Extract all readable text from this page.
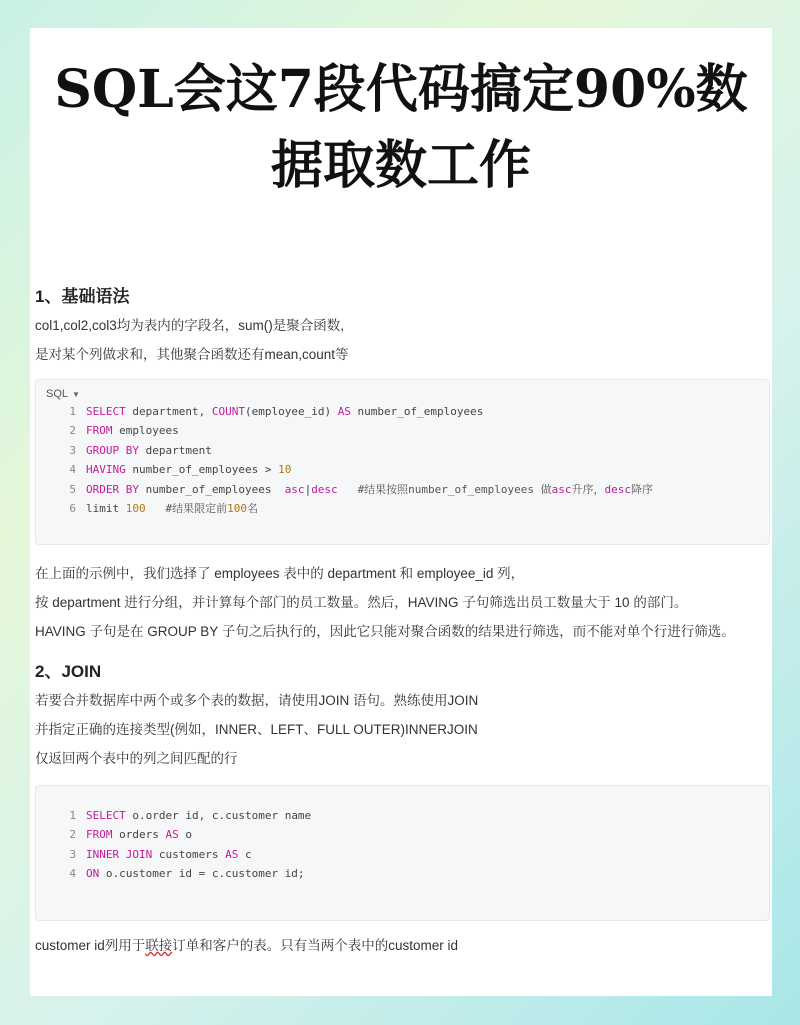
SQL会这7段代码搞定90%数
据取数工作
1、基础语法

col1,col2,col3均为表内的字段名，sum()是聚合函数,

是对某个列做求和，其他聚合函数还有mean,count等

SQL ▼
1 SELECT department, COUNT(employee_id) AS number_of_employees
2 FROM employees
3 GROUP BY department
4 HAVING number_of_employees > 10
5 ORDER BY number_of_employees  asc|desc #结果按照number_of_employees 做asc升序，desc降序
6 limit 100 #结果限定前100名

在上面的示例中，我们选择了 employees 表中的 department 和 employee_id 列，

按 department 进行分组，并计算每个部门的员工数量。然后，HAVING 子句筛选出员工数量大于 10 的部门。

HAVING 子句是在 GROUP BY 子句之后执行的，因此它只能对聚合函数的结果进行筛选，而不能对单个行进行筛选。

2、JOIN

若要合并数据库中两个或多个表的数据，请使用JOIN 语句。熟练使用JOIN

并指定正确的连接类型(例如，INNER、LEFT、FULL OUTER)INNERJOIN

仅返回两个表中的列之间匹配的行

1 SELECT o.order id, c.customer name
2 FROM orders AS o
3 INNER JOIN customers AS c
4 ON o.customer id = c.customer id;

customer id列用于联接订单和客户的表。只有当两个表中的customer id
